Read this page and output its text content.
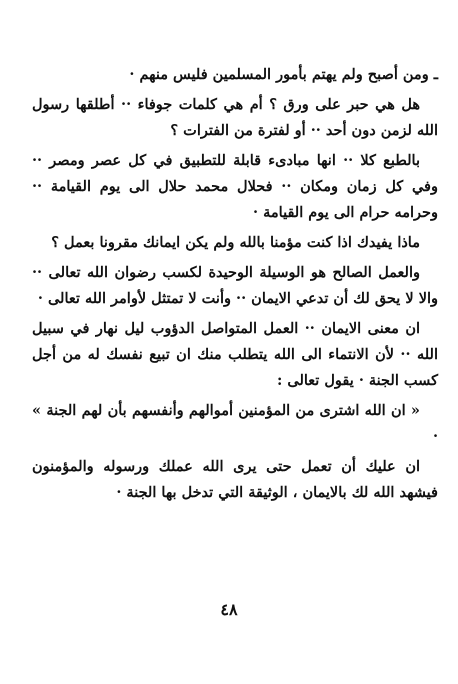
ـ ومن أصبح ولم يهتم بأمور المسلمين فليس منهم ·

هل هي حبر على ورق ؟ أم هي كلمات جوفاء ·· أطلقها رسول الله لزمن دون أحد ·· أو لفترة من الفترات ؟

بالطبع كلا ·· انها مبادىء قابلة للتطبيق في كل عصر ومصر ·· وفي كل زمان ومكان ·· فحلال محمد حلال الى يوم القيامة ·· وحرامه حرام الى يوم القيامة ·

ماذا يفيدك اذا كنت مؤمنا بالله ولم يكن ايمانك مقرونا بعمل ؟

والعمل الصالح هو الوسيلة الوحيدة لكسب رضوان الله تعالى ·· والا لا يحق لك أن تدعي الايمان ·· وأنت لا تمتثل لأوامر الله تعالى ·

ان معنى الايمان ·· العمل المتواصل الدؤوب ليل نهار في سبيل الله ·· لأن الانتماء الى الله يتطلب منك ان تبيع نفسك له من أجل كسب الجنة · يقول تعالى :

« ان الله اشترى من المؤمنين أموالهم وأنفسهم بأن لهم الجنة » ·

ان عليك أن تعمل حتى يرى الله عملك ورسوله والمؤمنون فيشهد الله لك بالايمان ، الوثيقة التي تدخل بها الجنة ·

٤٨
